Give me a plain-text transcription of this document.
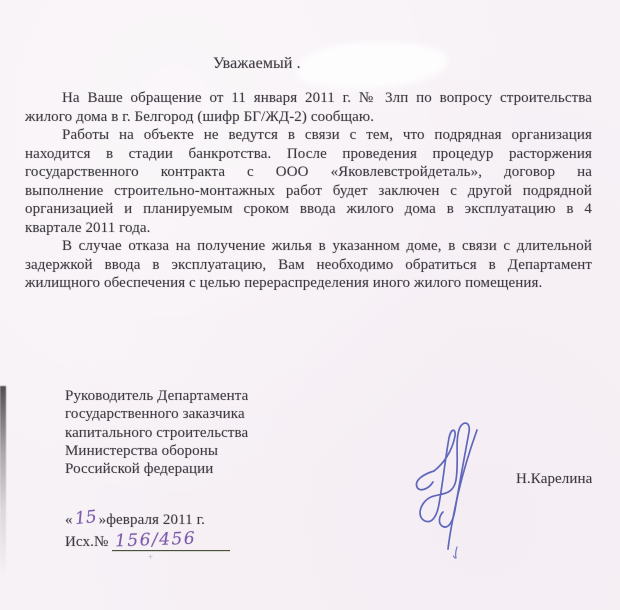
Уважаемый .
На Ваше обращение от 11 января 2011 г. № 3лп по вопросу строительства
жилого дома в г. Белгород (шифр БГ/ЖД-2) сообщаю.
Работы на объекте не ведутся в связи с тем, что подрядная организация
находится в стадии банкротства. После проведения процедур расторжения
государственного контракта с ООО «Яковлевстройдеталь», договор на
выполнение строительно-монтажных работ будет заключен с другой подрядной
организацией и планируемым сроком ввода жилого дома в эксплуатацию в 4
квартале 2011 года.
В случае отказа на получение жилья в указанном доме, в связи с длительной
задержкой ввода в эксплуатацию, Вам необходимо обратиться в Департамент
жилищного обеспечения с целью перераспределения иного жилого помещения.
Руководитель Департамента
государственного заказчика
капитального строительства
Министерства обороны
Российской федерации
Н.Карелина
« 15 » февраля 2011 г.
Исх.№ 156/456
+
